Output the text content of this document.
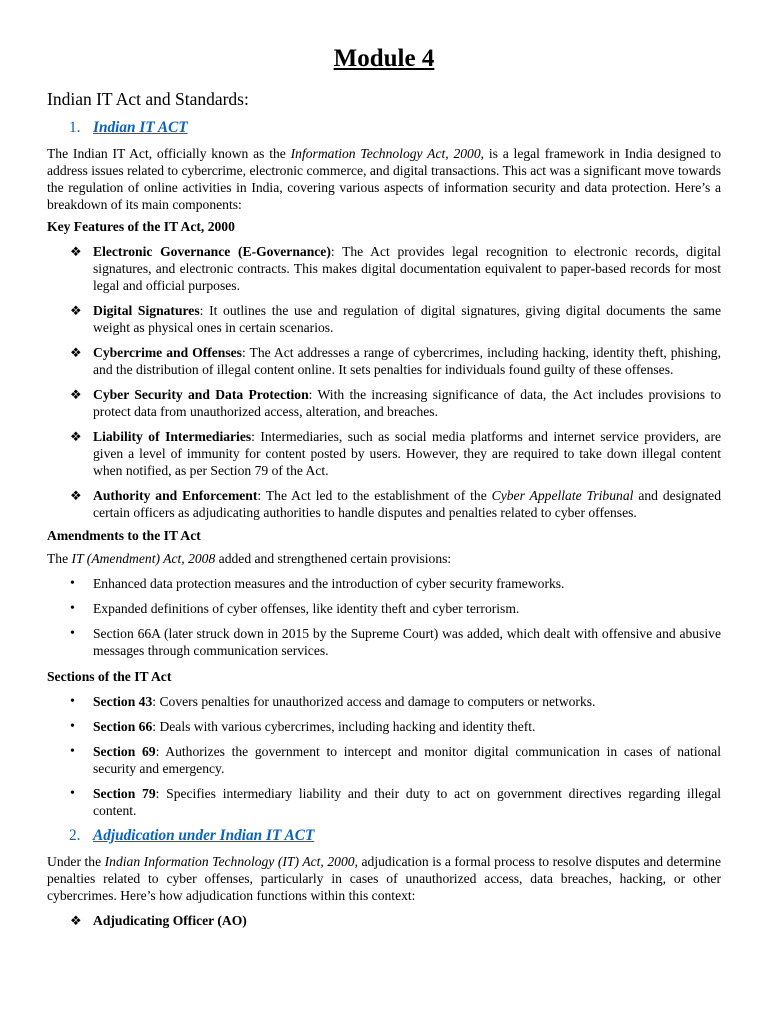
Module 4
Indian IT Act and Standards:
1. Indian IT ACT

The Indian IT Act, officially known as the Information Technology Act, 2000, is a legal framework in India designed to address issues related to cybercrime, electronic commerce, and digital transactions. This act was a significant move towards the regulation of online activities in India, covering various aspects of information security and data protection. Here’s a breakdown of its main components:

Key Features of the IT Act, 2000
❖ Electronic Governance (E-Governance): The Act provides legal recognition to electronic records, digital signatures, and electronic contracts. This makes digital documentation equivalent to paper-based records for most legal and official purposes.
❖ Digital Signatures: It outlines the use and regulation of digital signatures, giving digital documents the same weight as physical ones in certain scenarios.
❖ Cybercrime and Offenses: The Act addresses a range of cybercrimes, including hacking, identity theft, phishing, and the distribution of illegal content online. It sets penalties for individuals found guilty of these offenses.
❖ Cyber Security and Data Protection: With the increasing significance of data, the Act includes provisions to protect data from unauthorized access, alteration, and breaches.
❖ Liability of Intermediaries: Intermediaries, such as social media platforms and internet service providers, are given a level of immunity for content posted by users. However, they are required to take down illegal content when notified, as per Section 79 of the Act.
❖ Authority and Enforcement: The Act led to the establishment of the Cyber Appellate Tribunal and designated certain officers as adjudicating authorities to handle disputes and penalties related to cyber offenses.
Amendments to the IT Act

The IT (Amendment) Act, 2008 added and strengthened certain provisions:

• Enhanced data protection measures and the introduction of cyber security frameworks.
• Expanded definitions of cyber offenses, like identity theft and cyber terrorism.
• Section 66A (later struck down in 2015 by the Supreme Court) was added, which dealt with offensive and abusive messages through communication services.
Sections of the IT Act
• Section 43: Covers penalties for unauthorized access and damage to computers or networks.
• Section 66: Deals with various cybercrimes, including hacking and identity theft.
• Section 69: Authorizes the government to intercept and monitor digital communication in cases of national security and emergency.
• Section 79: Specifies intermediary liability and their duty to act on government directives regarding illegal content.
2. Adjudication under Indian IT ACT

Under the Indian Information Technology (IT) Act, 2000, adjudication is a formal process to resolve disputes and determine penalties related to cyber offenses, particularly in cases of unauthorized access, data breaches, hacking, or other cybercrimes. Here’s how adjudication functions within this context:

❖ Adjudicating Officer (AO)
